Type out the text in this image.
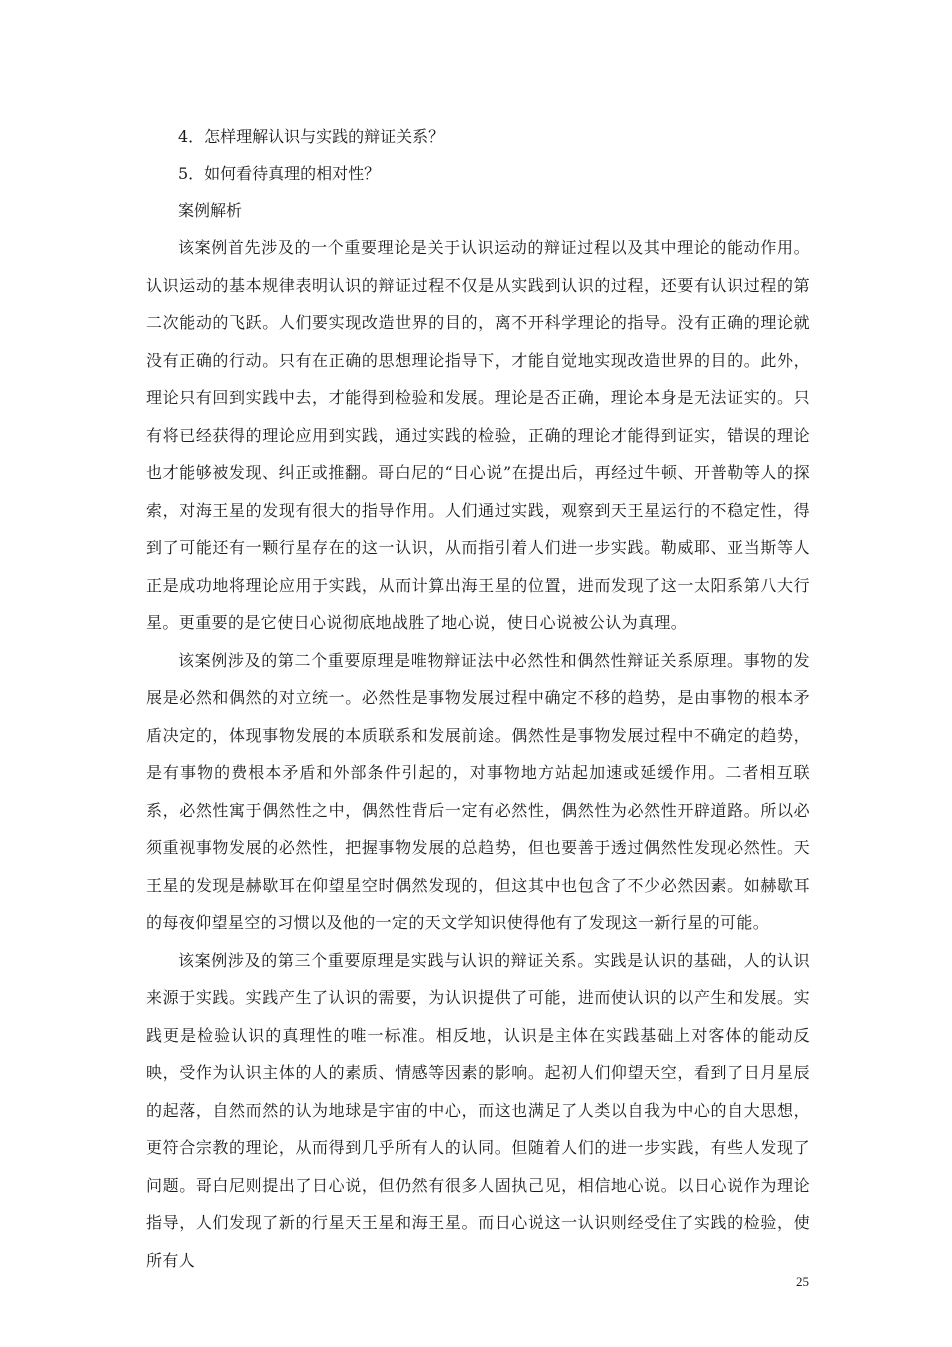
4．怎样理解认识与实践的辩证关系？

5．如何看待真理的相对性？

案例解析

该案例首先涉及的一个重要理论是关于认识运动的辩证过程以及其中理论的能动作用。认识运动的基本规律表明认识的辩证过程不仅是从实践到认识的过程，还要有认识过程的第二次能动的飞跃。人们要实现改造世界的目的，离不开科学理论的指导。没有正确的理论就没有正确的行动。只有在正确的思想理论指导下，才能自觉地实现改造世界的目的。此外，理论只有回到实践中去，才能得到检验和发展。理论是否正确，理论本身是无法证实的。只有将已经获得的理论应用到实践，通过实践的检验，正确的理论才能得到证实，错误的理论也才能够被发现、纠正或推翻。哥白尼的“日心说”在提出后，再经过牛顿、开普勒等人的探索，对海王星的发现有很大的指导作用。人们通过实践，观察到天王星运行的不稳定性，得到了可能还有一颗行星存在的这一认识，从而指引着人们进一步实践。勒威耶、亚当斯等人正是成功地将理论应用于实践，从而计算出海王星的位置，进而发现了这一太阳系第八大行星。更重要的是它使日心说彻底地战胜了地心说，使日心说被公认为真理。

该案例涉及的第二个重要原理是唯物辩证法中必然性和偶然性辩证关系原理。事物的发展是必然和偶然的对立统一。必然性是事物发展过程中确定不移的趋势，是由事物的根本矛盾决定的，体现事物发展的本质联系和发展前途。偶然性是事物发展过程中不确定的趋势，是有事物的费根本矛盾和外部条件引起的，对事物地方站起加速或延缓作用。二者相互联系，必然性寓于偶然性之中，偶然性背后一定有必然性，偶然性为必然性开辟道路。所以必须重视事物发展的必然性，把握事物发展的总趋势，但也要善于透过偶然性发现必然性。天王星的发现是赫歇耳在仰望星空时偶然发现的，但这其中也包含了不少必然因素。如赫歇耳的每夜仰望星空的习惯以及他的一定的天文学知识使得他有了发现这一新行星的可能。

该案例涉及的第三个重要原理是实践与认识的辩证关系。实践是认识的基础，人的认识来源于实践。实践产生了认识的需要，为认识提供了可能，进而使认识的以产生和发展。实践更是检验认识的真理性的唯一标准。相反地，认识是主体在实践基础上对客体的能动反映，受作为认识主体的人的素质、情感等因素的影响。起初人们仰望天空，看到了日月星辰的起落，自然而然的认为地球是宇宙的中心，而这也满足了人类以自我为中心的自大思想，更符合宗教的理论，从而得到几乎所有人的认同。但随着人们的进一步实践，有些人发现了问题。哥白尼则提出了日心说，但仍然有很多人固执己见，相信地心说。以日心说作为理论指导，人们发现了新的行星天王星和海王星。而日心说这一认识则经受住了实践的检验，使所有人

25
